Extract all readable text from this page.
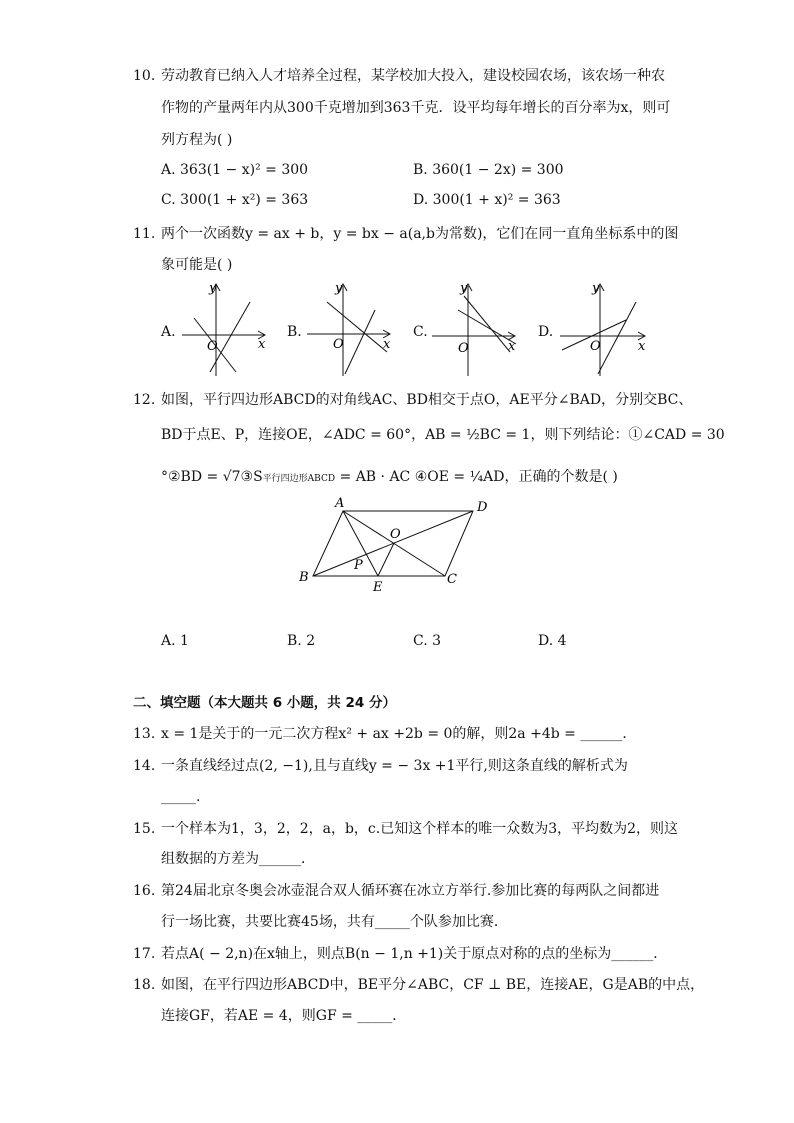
10. 劳动教育已纳入人才培养全过程，某学校加大投入，建设校园农场，该农场一种农
作物的产量两年内从300千克增加到363千克．设平均每年增长的百分率为x，则可
列方程为( )
A. 363(1 − x)² = 300	B. 360(1 − 2x) = 300
C. 300(1 + x²) = 363	D. 300(1 + x)² = 363
11. 两个一次函数y = ax + b，y = bx − a(a,b为常数)，它们在同一直角坐标系中的图
象可能是( )
A.	B.	C.	D.
y
x
O
y
x
O
y
x
O
y
x
O
12. 如图，平行四边形ABCD的对角线AC、BD相交于点O，AE平分∠BAD，分别交BC、
BD于点E、P，连接OE，∠ADC = 60°，AB = ½BC = 1，则下列结论：①∠CAD = 30
°②BD = √7③S平行四边形ABCD = AB · AC ④OE = ¼AD，正确的个数是( )
A	D
B	C
O
P
E
A. 1	B. 2	C. 3	D. 4
二、填空题（本大题共 6 小题，共 24 分）
13. x = 1是关于的一元二次方程x² + ax +2b = 0的解，则2a +4b = ______．
14. 一条直线经过点(2, −1),且与直线y = − 3x +1平行,则这条直线的解析式为
_____.
15. 一个样本为1，3，2，2，a，b，c.已知这个样本的唯一众数为3，平均数为2，则这
组数据的方差为______．
16. 第24届北京冬奥会冰壶混合双人循环赛在冰立方举行.参加比赛的每两队之间都进
行一场比赛，共要比赛45场，共有_____个队参加比赛．
17. 若点A( − 2,n)在x轴上，则点B(n − 1,n +1)关于原点对称的点的坐标为______．
18. 如图，在平行四边形ABCD中，BE平分∠ABC，CF ⊥ BE，连接AE，G是AB的中点，
连接GF，若AE = 4，则GF = _____．
